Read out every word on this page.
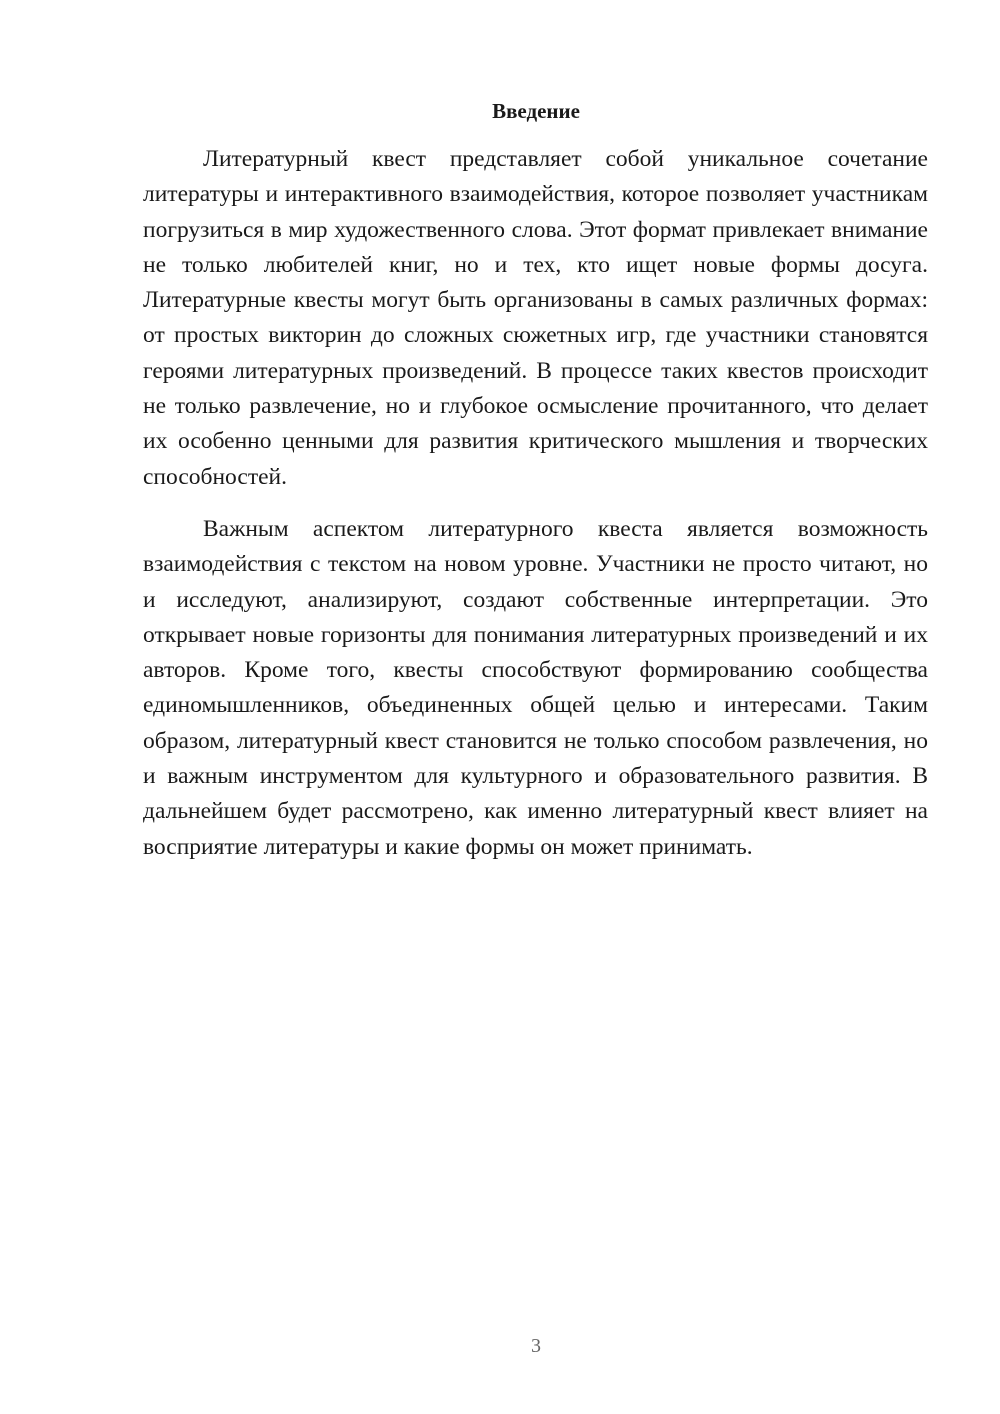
Введение

Литературный квест представляет собой уникальное сочетание литературы и интерактивного взаимодействия, которое позволяет участникам погрузиться в мир художественного слова. Этот формат привлекает внимание не только любителей книг, но и тех, кто ищет новые формы досуга. Литературные квесты могут быть организованы в самых различных формах: от простых викторин до сложных сюжетных игр, где участники становятся героями литературных произведений. В процессе таких квестов происходит не только развлечение, но и глубокое осмысление прочитанного, что делает их особенно ценными для развития критического мышления и творческих способностей.

Важным аспектом литературного квеста является возможность взаимодействия с текстом на новом уровне. Участники не просто читают, но и исследуют, анализируют, создают собственные интерпретации. Это открывает новые горизонты для понимания литературных произведений и их авторов. Кроме того, квесты способствуют формированию сообщества единомышленников, объединенных общей целью и интересами. Таким образом, литературный квест становится не только способом развлечения, но и важным инструментом для культурного и образовательного развития. В дальнейшем будет рассмотрено, как именно литературный квест влияет на восприятие литературы и какие формы он может принимать.

3
